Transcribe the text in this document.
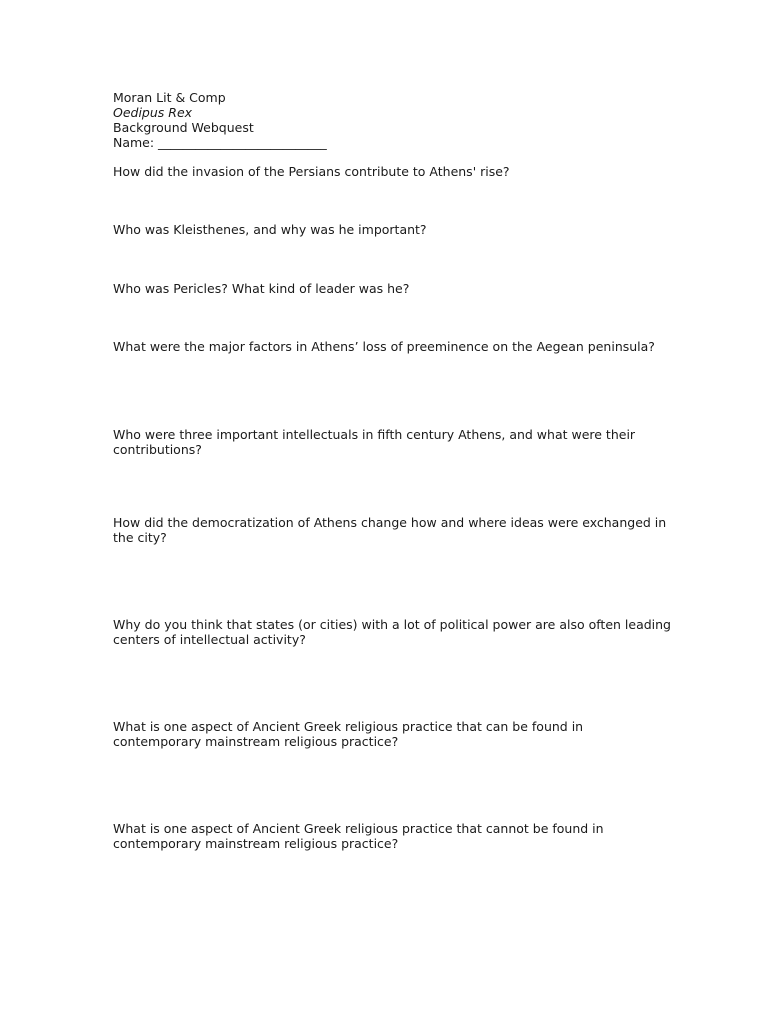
Moran Lit & Comp
Oedipus Rex
Background Webquest
Name: ___________________________
How did the invasion of the Persians contribute to Athens' rise?
Who was Kleisthenes, and why was he important?
Who was Pericles? What kind of leader was he?
What were the major factors in Athens’ loss of preeminence on the Aegean peninsula?
Who were three important intellectuals in fifth century Athens, and what were their contributions?
How did the democratization of Athens change how and where ideas were exchanged in the city?
Why do you think that states (or cities) with a lot of political power are also often leading centers of intellectual activity?
What is one aspect of Ancient Greek religious practice that can be found in contemporary mainstream religious practice?
What is one aspect of Ancient Greek religious practice that cannot be found in contemporary mainstream religious practice?
